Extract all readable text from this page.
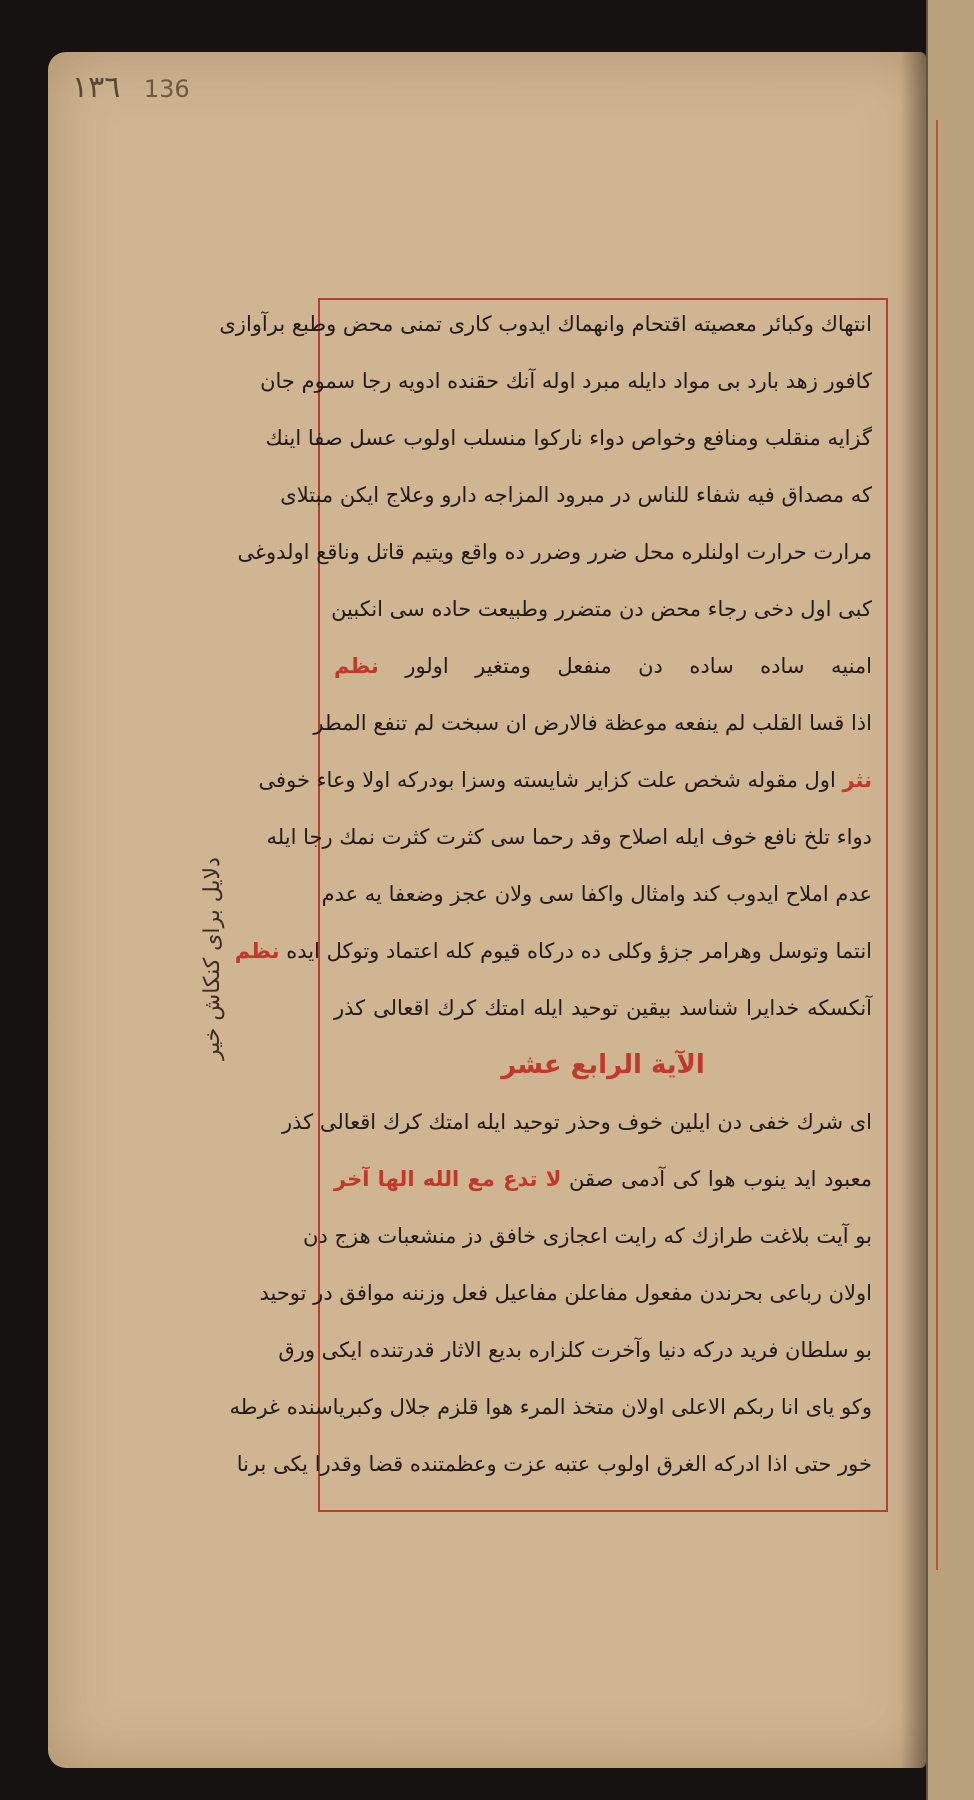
١٣٦ 136
دلایل برای کنکاش خیر
انتهاك وكبائر معصيته اقتحام وانهماك ايدوب كارى تمنى محض وطبع برآوازى
كافور زهد بارد بى مواد دايله مبرد اوله آنك حقنده ادويه رجا سموم جان
گزايه منقلب ومنافع وخواص دواء ناركوا منسلب اولوب عسل صفا اينك
كه مصداق فيه شفاء للناس در مبرود المزاجه دارو وعلاج ايكن مبتلاى
مرارت حرارت اولنلره محل ضرر وضرر ده واقع ويتيم قاتل وناقع اولدوغى
كبى اول دخى رجاء محض دن متضرر وطبيعت حاده سى انكبين
امنيه ساده ساده دن منفعل ومتغير اولور نظم
اذا قسا القلب لم ينفعه موعظة فالارض ان سبخت لم تنفع المطر
نثر اول مقوله شخص علت كزاير شايسته وسزا بودركه اولا وعاء خوفى
دواء تلخ نافع خوف ايله اصلاح وقد رحما سى كثرت كثرت نمك رجا ايله
عدم املاح ايدوب كند وامثال واكفا سى ولان عجز وضعفا يه عدم
انتما وتوسل وهرامر جزؤ وكلى ده دركاه قيوم كله اعتماد وتوكل ايده نظم
آنكسكه خدايرا شناسد بيقين توحيد ايله امتك كرك اقعالى كذر
الآية الرابع عشر
اى شرك خفى دن ايلين خوف وحذر توحيد ايله امتك كرك اقعالى كذر
معبود ايد ينوب هوا كى آدمى صقن لا تدع مع الله الها آخر
بو آيت بلاغت طرازك كه رايت اعجازى خافق دز منشعبات هزج دن
اولان رباعى بحرندن مفعول مفاعلن مفاعيل فعل وزننه موافق در توحيد
بو سلطان فريد دركه دنيا وآخرت كلزاره بديع الاثار قدرتنده ايكى ورق
وكو ياى انا ربكم الاعلى اولان متخذ المرء هوا قلزم جلال وكبرياسنده غرطه
خور حتى اذا ادركه الغرق اولوب عتبه عزت وعظمتنده قضا وقدرا يكى برنا
